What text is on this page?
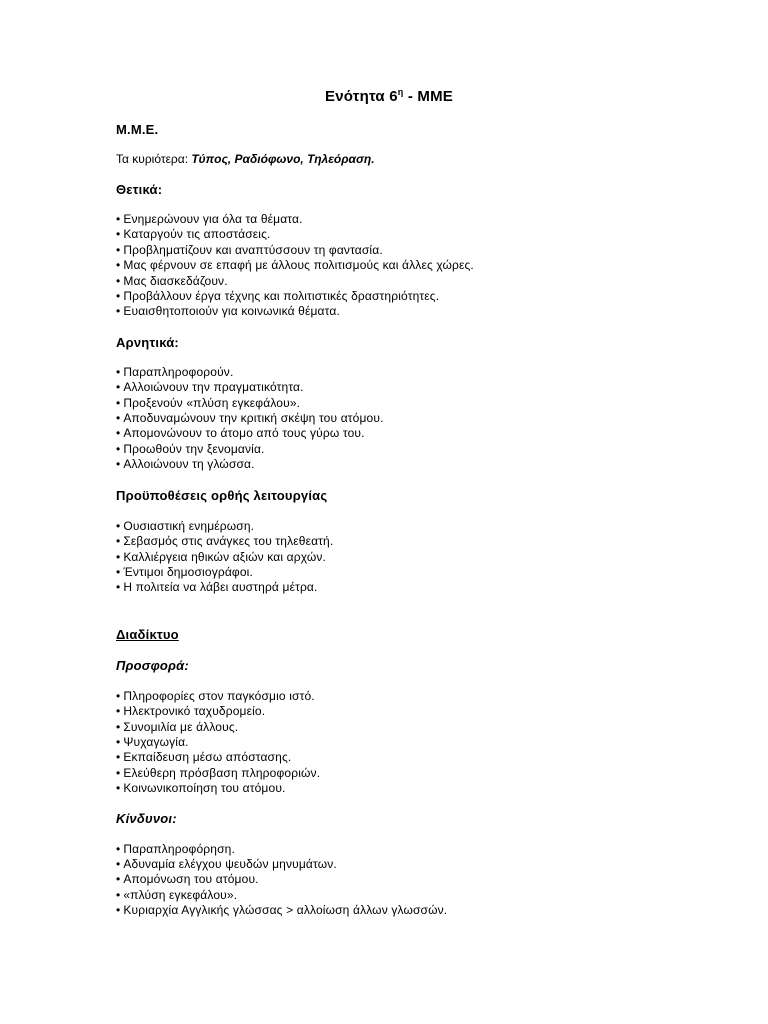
Ενότητα $6^\eta$ - ΜΜΕ

Μ.Μ.Ε.

Τα κυριότερα: Τύπος, Ραδιόφωνο, Τηλεόραση.

Θετικά:

• Ενημερώνουν για όλα τα θέματα.
• Καταργούν τις αποστάσεις.
• Προβληματίζουν και αναπτύσσουν τη φαντασία.
• Μας φέρνουν σε επαφή με άλλους πολιτισμούς και άλλες χώρες.
• Μας διασκεδάζουν.
• Προβάλλουν έργα τέχνης και πολιτιστικές δραστηριότητες.
• Ευαισθητοποιούν για κοινωνικά θέματα.

Αρνητικά:

• Παραπληροφορούν.
• Αλλοιώνουν την πραγματικότητα.
• Προξενούν «πλύση εγκεφάλου».
• Αποδυναμώνουν την κριτική σκέψη του ατόμου.
• Απομονώνουν το άτομο από τους γύρω του.
• Προωθούν την ξενομανία.
• Αλλοιώνουν τη γλώσσα.

Προϋποθέσεις ορθής λειτουργίας

• Ουσιαστική ενημέρωση.
• Σεβασμός στις ανάγκες του τηλεθεατή.
• Καλλιέργεια ηθικών αξιών και αρχών.
• Έντιμοι δημοσιογράφοι.
• Η πολιτεία να λάβει αυστηρά μέτρα.

Διαδίκτυο

Προσφορά:

• Πληροφορίες στον παγκόσμιο ιστό.
• Ηλεκτρονικό ταχυδρομείο.
• Συνομιλία με άλλους.
• Ψυχαγωγία.
• Εκπαίδευση μέσω απόστασης.
• Ελεύθερη πρόσβαση πληροφοριών.
• Κοινωνικοποίηση του ατόμου.

Κίνδυνοι:

• Παραπληροφόρηση.
• Αδυναμία ελέγχου ψευδών μηνυμάτων.
• Απομόνωση του ατόμου.
• «πλύση εγκεφάλου».
• Κυριαρχία Αγγλικής γλώσσας > αλλοίωση άλλων γλωσσών.
